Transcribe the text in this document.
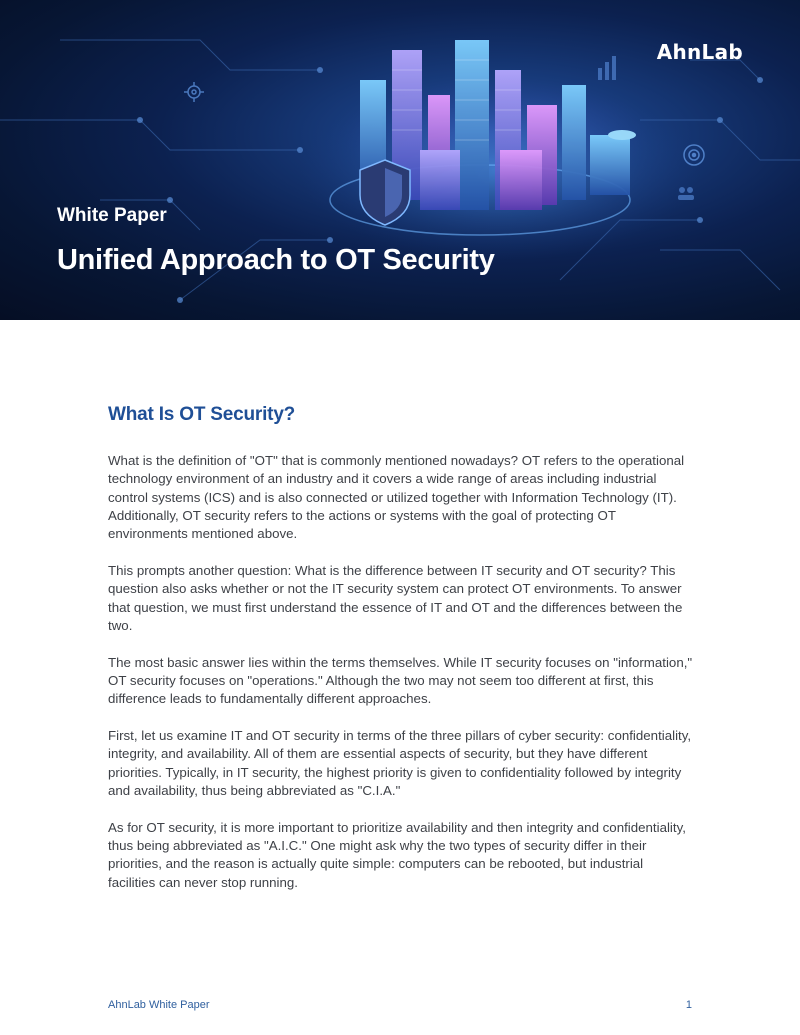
AhnLab
White Paper
Unified Approach to OT Security
What Is OT Security?

What is the definition of "OT" that is commonly mentioned nowadays? OT refers to the operational technology environment of an industry and it covers a wide range of areas including industrial control systems (ICS) and is also connected or utilized together with Information Technology (IT). Additionally, OT security refers to the actions or systems with the goal of protecting OT environments mentioned above.

This prompts another question: What is the difference between IT security and OT security? This question also asks whether or not the IT security system can protect OT environments. To answer that question, we must first understand the essence of IT and OT and the differences between the two.

The most basic answer lies within the terms themselves. While IT security focuses on "information," OT security focuses on "operations." Although the two may not seem too different at first, this difference leads to fundamentally different approaches.

First, let us examine IT and OT security in terms of the three pillars of cyber security: confidentiality, integrity, and availability. All of them are essential aspects of security, but they have different priorities. Typically, in IT security, the highest priority is given to confidentiality followed by integrity and availability, thus being abbreviated as "C.I.A."

As for OT security, it is more important to prioritize availability and then integrity and confidentiality, thus being abbreviated as "A.I.C." One might ask why the two types of security differ in their priorities, and the reason is actually quite simple: computers can be rebooted, but industrial facilities can never stop running.

AhnLab White Paper	1
